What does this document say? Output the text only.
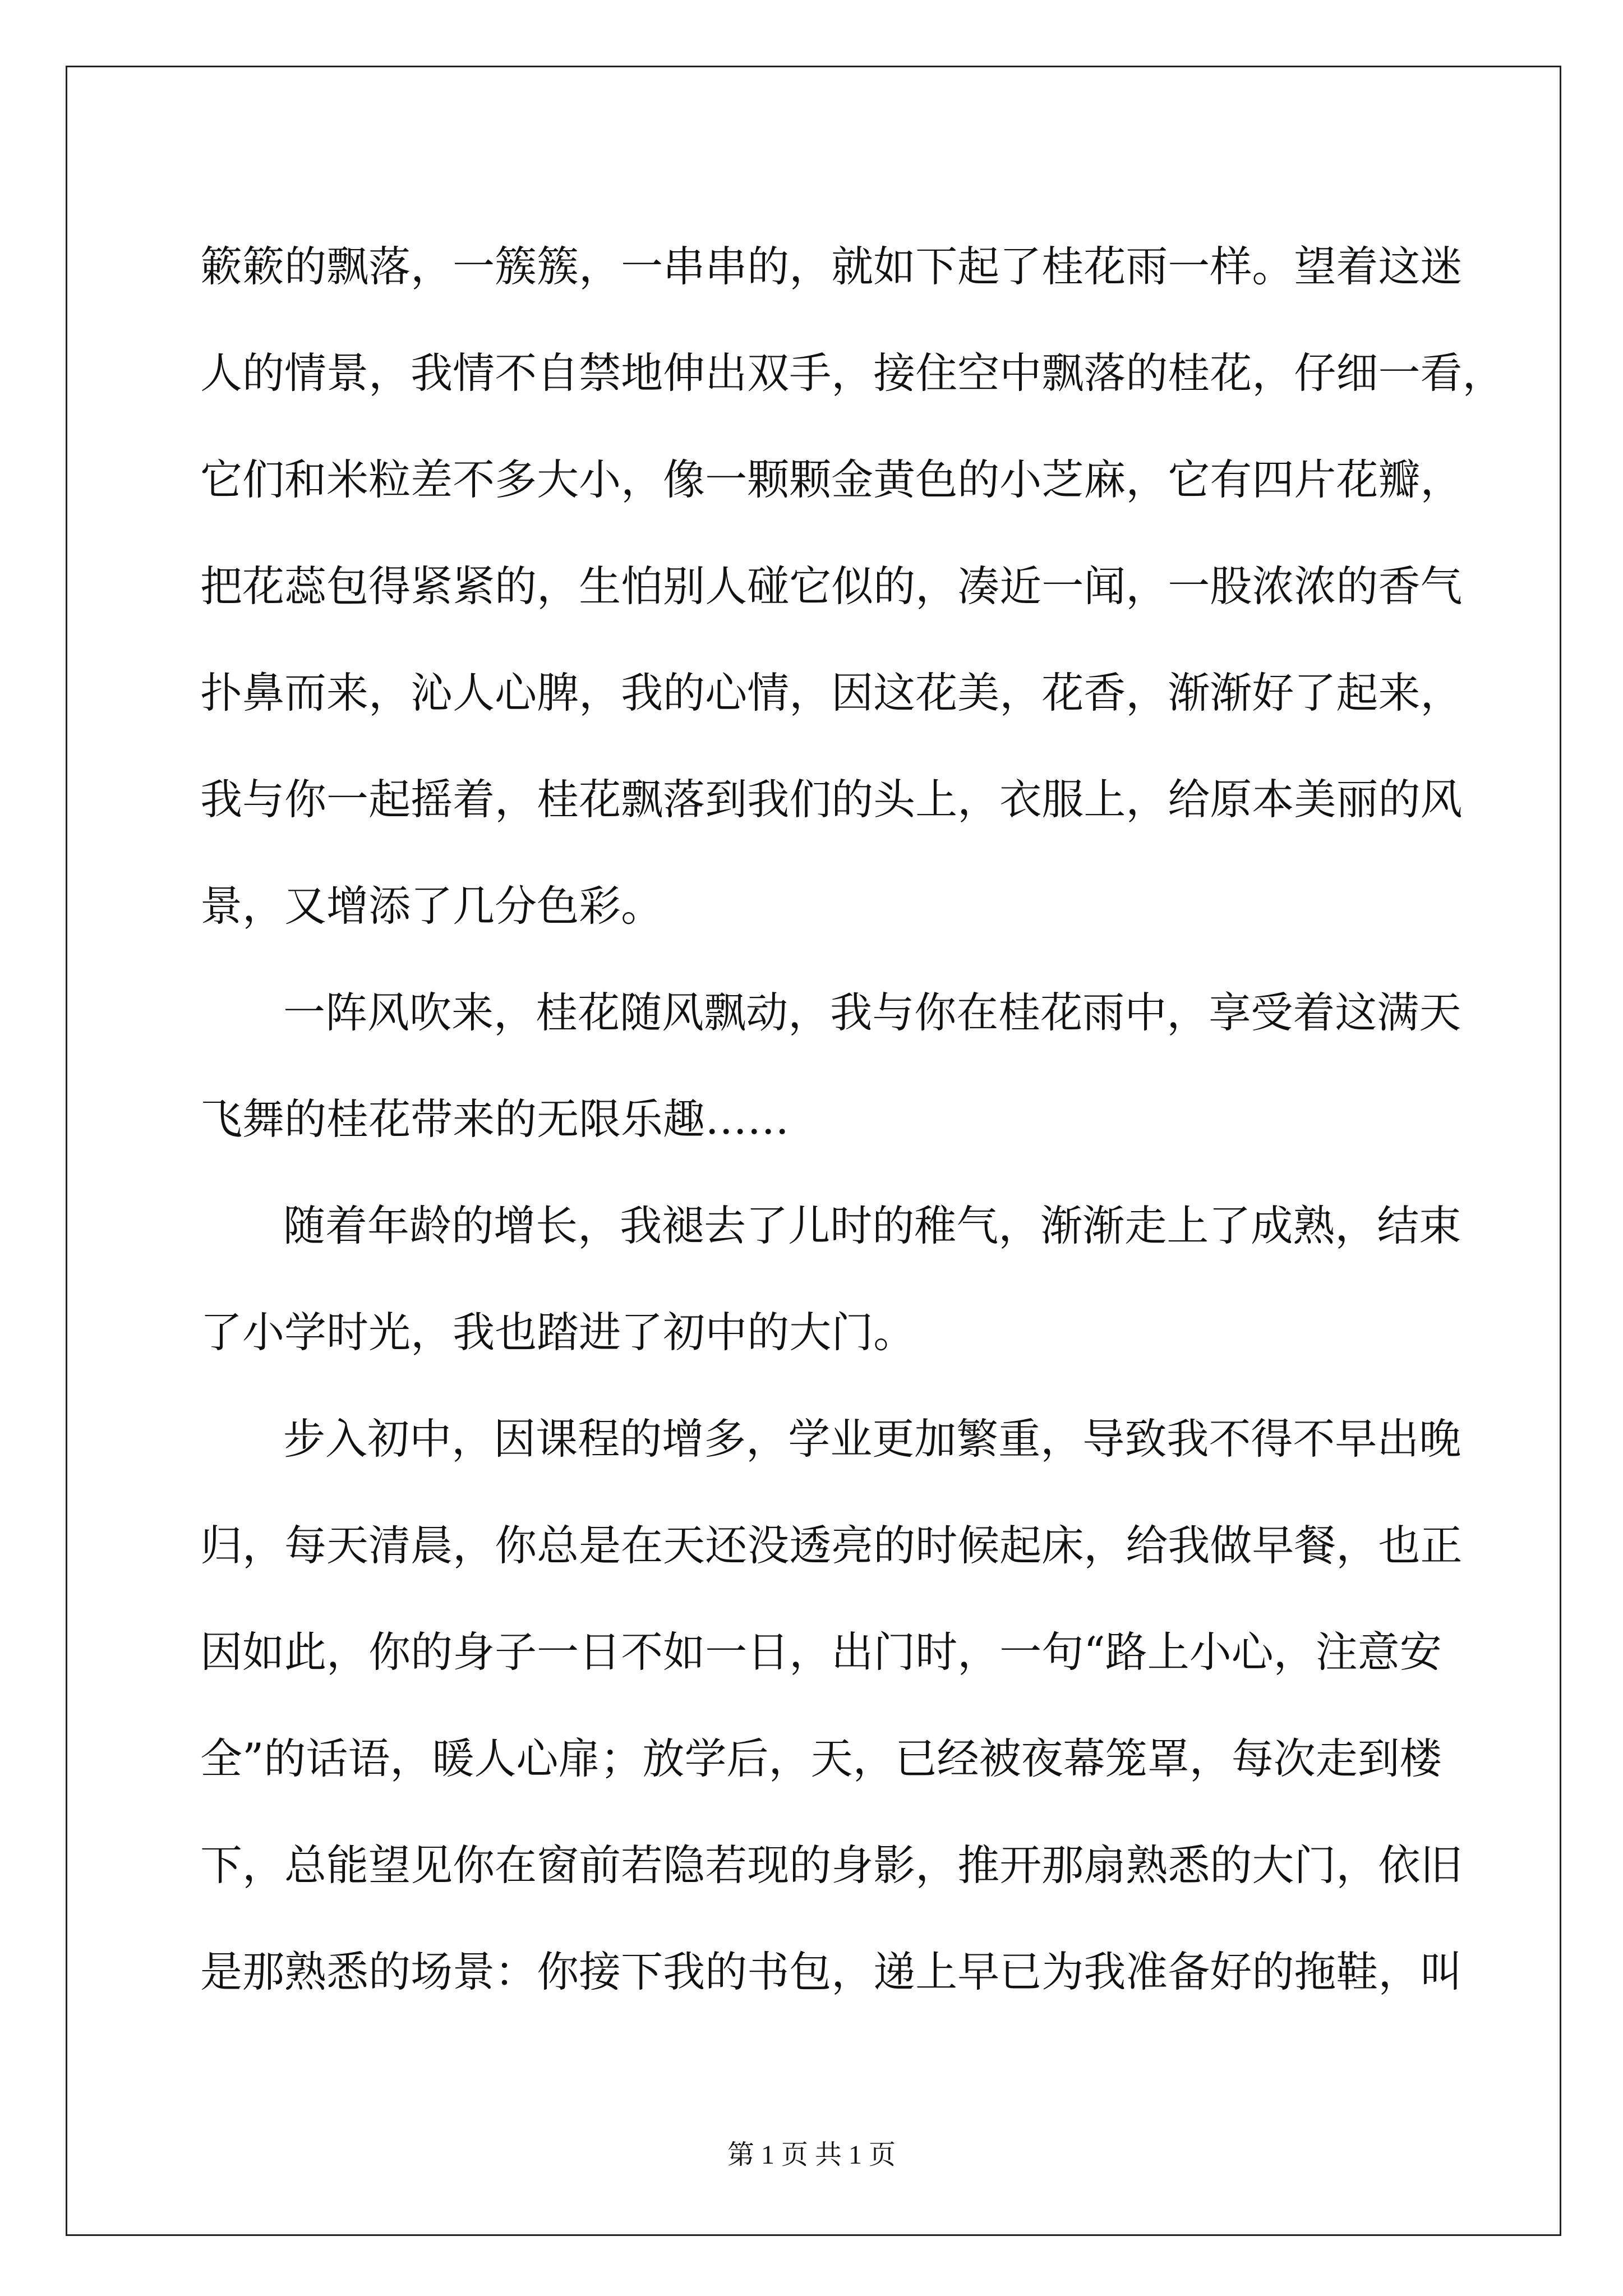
簌 簌 的 飘 落 ， 一 簇 簇 ， 一 串 串 的 ， 就 如 下 起 了 桂 花 雨 一 样 。 望 着 这 迷
人 的 情 景 ， 我 情 不 自 禁 地 伸 出 双 手 ， 接 住 空 中 飘 落 的 桂 花 ， 仔 细 一 看 ，
它 们 和 米 粒 差 不 多 大 小 ， 像 一 颗 颗 金 黄 色 的 小 芝 麻 ， 它 有 四 片 花 瓣 ，
把 花 蕊 包 得 紧 紧 的 ， 生 怕 别 人 碰 它 似 的 ， 凑 近 一 闻 ， 一 股 浓 浓 的 香 气
扑 鼻 而 来 ， 沁 人 心 脾 ， 我 的 心 情 ， 因 这 花 美 ， 花 香 ， 渐 渐 好 了 起 来 ，
我 与 你 一 起 摇 着 ， 桂 花 飘 落 到 我 们 的 头 上 ， 衣 服 上 ， 给 原 本 美 丽 的 风
景 ， 又 增 添 了 几 分 色 彩 。
一 阵 风 吹 来 ， 桂 花 随 风 飘 动 ， 我 与 你 在 桂 花 雨 中 ， 享 受 着 这 满 天
飞 舞 的 桂 花 带 来 的 无 限 乐 趣 … …
随 着 年 龄 的 增 长 ， 我 褪 去 了 儿 时 的 稚 气 ， 渐 渐 走 上 了 成 熟 ， 结 束
了 小 学 时 光 ， 我 也 踏 进 了 初 中 的 大 门 。
步 入 初 中 ， 因 课 程 的 增 多 ， 学 业 更 加 繁 重 ， 导 致 我 不 得 不 早 出 晚
归 ， 每 天 清 晨 ， 你 总 是 在 天 还 没 透 亮 的 时 候 起 床 ， 给 我 做 早 餐 ， 也 正
因 如 此 ， 你 的 身 子 一 日 不 如 一 日 ， 出 门 时 ， 一 句 “ 路 上 小 心 ， 注 意 安
全 ” 的 话 语 ， 暖 人 心 扉 ； 放 学 后 ， 天 ， 已 经 被 夜 幕 笼 罩 ， 每 次 走 到 楼
下 ， 总 能 望 见 你 在 窗 前 若 隐 若 现 的 身 影 ， 推 开 那 扇 熟 悉 的 大 门 ， 依 旧
是 那 熟 悉 的 场 景 ： 你 接 下 我 的 书 包 ， 递 上 早 已 为 我 准 备 好 的 拖 鞋 ， 叫
第 1 页 共 1 页
